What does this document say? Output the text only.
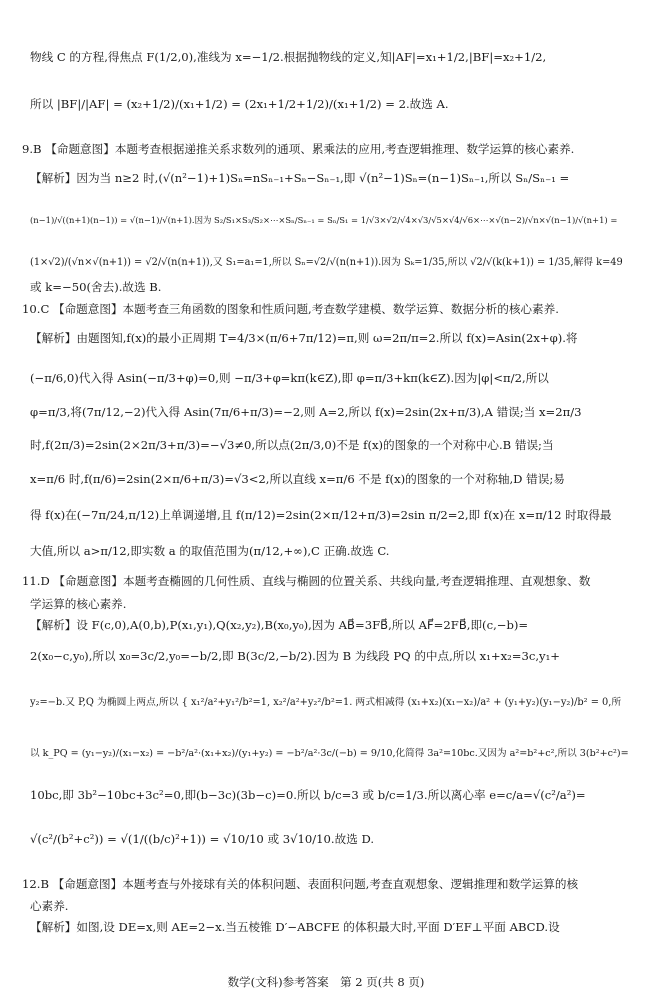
物线 C 的方程,得焦点 F(1/2,0),准线为 x=−1/2.根据抛物线的定义,知|AF|=x₁+1/2,|BF|=x₂+1/2,
所以 |BF|/|AF| = (x₂+1/2)/(x₁+1/2) = (2x₁+1/2+1/2)/(x₁+1/2) = 2.故选 A.
9.B 【命题意图】本题考查根据递推关系求数列的通项、累乘法的应用,考查逻辑推理、数学运算的核心素养.
【解析】因为当 n≥2 时,(√(n²−1)+1)Sₙ=nSₙ₋₁+Sₙ−Sₙ₋₁,即 √(n²−1)Sₙ=(n−1)Sₙ₋₁,所以 Sₙ/Sₙ₋₁ =
(n−1)/√((n+1)(n−1)) = √(n−1)/√(n+1).因为 S₂/S₁×S₃/S₂×⋯×Sₙ/Sₙ₋₁ = Sₙ/S₁ = 1/√3×√2/√4×√3/√5×√4/√6×⋯×√(n−2)/√n×√(n−1)/√(n+1) =
(1×√2)/(√n×√(n+1)) = √2/√(n(n+1)),又 S₁=a₁=1,所以 Sₙ=√2/√(n(n+1)).因为 Sₖ=1/35,所以 √2/√(k(k+1)) = 1/35,解得 k=49
或 k=−50(舍去).故选 B.
10.C 【命题意图】本题考查三角函数的图象和性质问题,考查数学建模、数学运算、数据分析的核心素养.
【解析】由题图知,f(x)的最小正周期 T=4/3×(π/6+7π/12)=π,则 ω=2π/π=2.所以 f(x)=Asin(2x+φ).将
(−π/6,0)代入得 Asin(−π/3+φ)=0,则 −π/3+φ=kπ(k∈Z),即 φ=π/3+kπ(k∈Z).因为|φ|<π/2,所以
φ=π/3,将(7π/12,−2)代入得 Asin(7π/6+π/3)=−2,则 A=2,所以 f(x)=2sin(2x+π/3),A 错误;当 x=2π/3
时,f(2π/3)=2sin(2×2π/3+π/3)=−√3≠0,所以点(2π/3,0)不是 f(x)的图象的一个对称中心.B 错误;当
x=π/6 时,f(π/6)=2sin(2×π/6+π/3)=√3<2,所以直线 x=π/6 不是 f(x)的图象的一个对称轴,D 错误;易
得 f(x)在(−7π/24,π/12)上单调递增,且 f(π/12)=2sin(2×π/12+π/3)=2sin π/2=2,即 f(x)在 x=π/12 时取得最
大值,所以 a>π/12,即实数 a 的取值范围为(π/12,+∞),C 正确.故选 C.
11.D 【命题意图】本题考查椭圆的几何性质、直线与椭圆的位置关系、共线向量,考查逻辑推理、直观想象、数
学运算的核心素养.
【解析】设 F(c,0),A(0,b),P(x₁,y₁),Q(x₂,y₂),B(x₀,y₀),因为 AB⃗=3FB⃗,所以 AF⃗=2FB⃗,即(c,−b)=
2(x₀−c,y₀),所以 x₀=3c/2,y₀=−b/2,即 B(3c/2,−b/2).因为 B 为线段 PQ 的中点,所以 x₁+x₂=3c,y₁+
y₂=−b.又 P,Q 为椭圆上两点,所以 { x₁²/a²+y₁²/b²=1, x₂²/a²+y₂²/b²=1. 两式相减得 (x₁+x₂)(x₁−x₂)/a² + (y₁+y₂)(y₁−y₂)/b² = 0,所
以 k_PQ = (y₁−y₂)/(x₁−x₂) = −b²/a²·(x₁+x₂)/(y₁+y₂) = −b²/a²·3c/(−b) = 9/10,化简得 3a²=10bc.又因为 a²=b²+c²,所以 3(b²+c²)=
10bc,即 3b²−10bc+3c²=0,即(b−3c)(3b−c)=0.所以 b/c=3 或 b/c=1/3.所以离心率 e=c/a=√(c²/a²)=
√(c²/(b²+c²)) = √(1/((b/c)²+1)) = √10/10 或 3√10/10.故选 D.
12.B 【命题意图】本题考查与外接球有关的体积问题、表面积问题,考查直观想象、逻辑推理和数学运算的核
心素养.
【解析】如图,设 DE=x,则 AE=2−x.当五棱锥 D′−ABCFE 的体积最大时,平面 D′EF⊥平面 ABCD.设
数学(文科)参考答案　第 2 页(共 8 页)
